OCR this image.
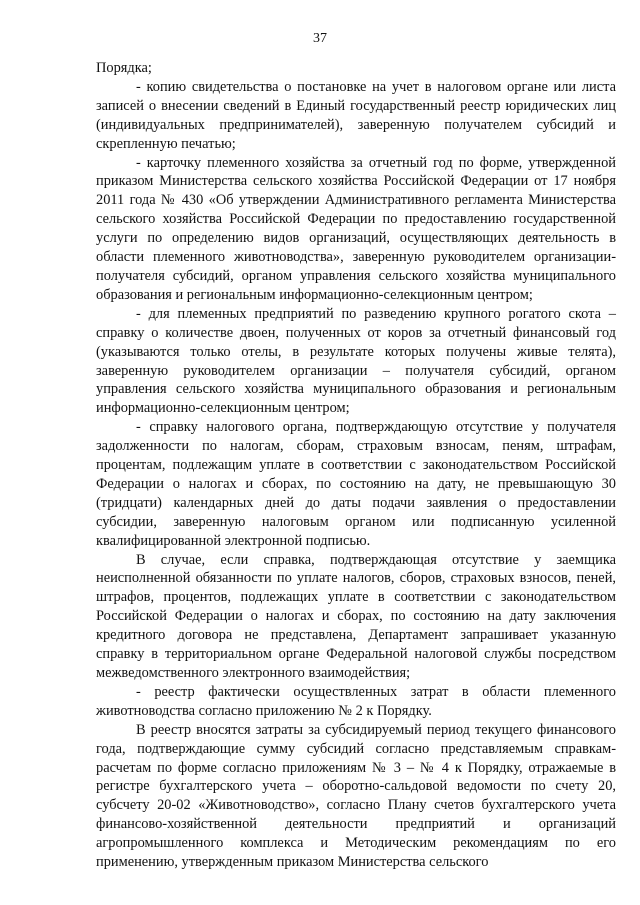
37

Порядка;

- копию свидетельства о постановке на учет в налоговом органе или листа записей о внесении сведений в Единый государственный реестр юридических лиц (индивидуальных предпринимателей), заверенную получателем субсидий и скрепленную печатью;

- карточку племенного хозяйства за отчетный год по форме, утвержденной приказом Министерства сельского хозяйства Российской Федерации от 17 ноября 2011 года № 430 «Об утверждении Административного регламента Министерства сельского хозяйства Российской Федерации по предоставлению государственной услуги по определению видов организаций, осуществляющих деятельность в области племенного животноводства», заверенную руководителем организации-получателя субсидий, органом управления сельского хозяйства муниципального образования и региональным информационно-селекционным центром;

- для племенных предприятий по разведению крупного рогатого скота – справку о количестве двоен, полученных от коров за отчетный финансовый год (указываются только отелы, в результате которых получены живые телята), заверенную руководителем организации – получателя субсидий, органом управления сельского хозяйства муниципального образования и региональным информационно-селекционным центром;

- справку налогового органа, подтверждающую отсутствие у получателя задолженности по налогам, сборам, страховым взносам, пеням, штрафам, процентам, подлежащим уплате в соответствии с законодательством Российской Федерации о налогах и сборах, по состоянию на дату, не превышающую 30 (тридцати) календарных дней до даты подачи заявления о предоставлении субсидии, заверенную налоговым органом или подписанную усиленной квалифицированной электронной подписью.

В случае, если справка, подтверждающая отсутствие у заемщика неисполненной обязанности по уплате налогов, сборов, страховых взносов, пеней, штрафов, процентов, подлежащих уплате в соответствии с законодательством Российской Федерации о налогах и сборах, по состоянию на дату заключения кредитного договора не представлена, Департамент запрашивает указанную справку в территориальном органе Федеральной налоговой службы посредством межведомственного электронного взаимодействия;

- реестр фактически осуществленных затрат в области племенного животноводства согласно приложению № 2 к Порядку.

В реестр вносятся затраты за субсидируемый период текущего финансового года, подтверждающие сумму субсидий согласно представляемым справкам-расчетам по форме согласно приложениям № 3 – № 4 к Порядку, отражаемые в регистре бухгалтерского учета – оборотно-сальдовой ведомости по счету 20, субсчету 20-02 «Животноводство», согласно Плану счетов бухгалтерского учета финансово-хозяйственной деятельности предприятий и организаций агропромышленного комплекса и Методическим рекомендациям по его применению, утвержденным приказом Министерства сельского
